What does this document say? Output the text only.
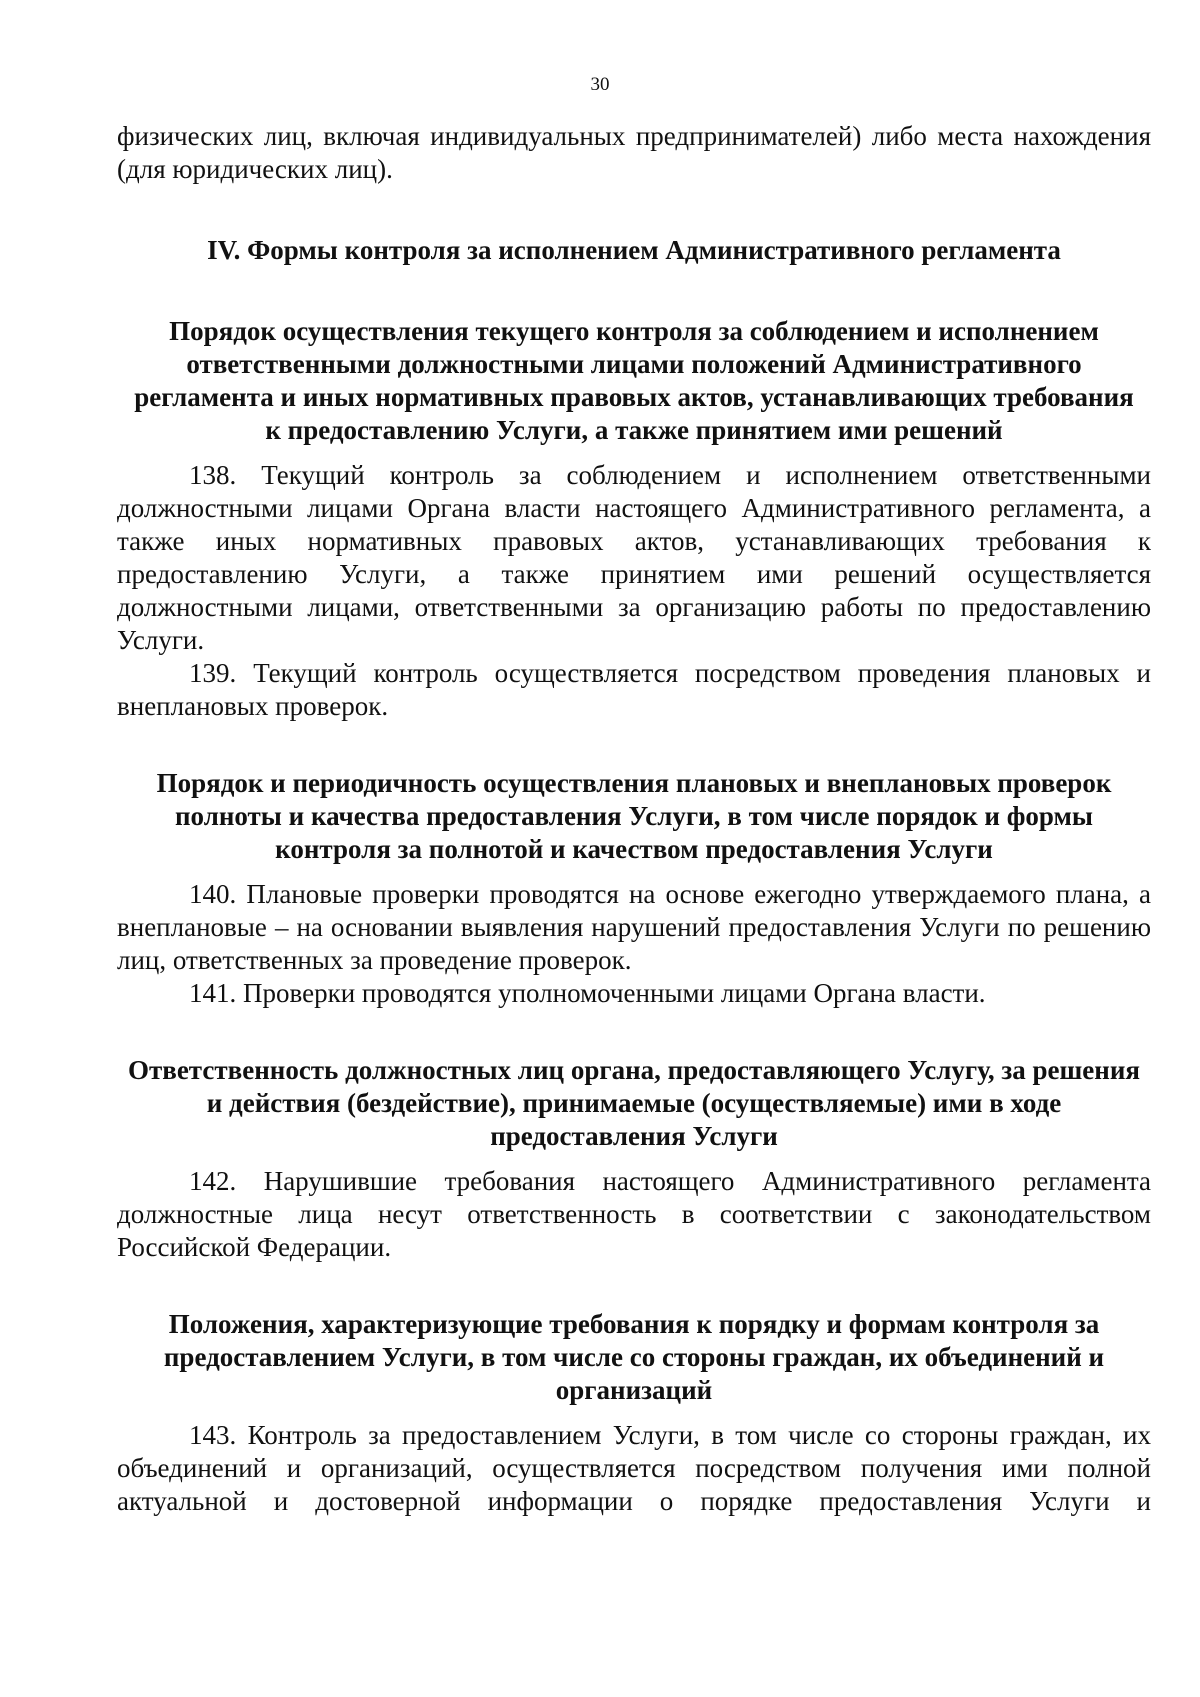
30

физических лиц, включая индивидуальных предпринимателей) либо места нахождения (для юридических лиц).

IV. Формы контроля за исполнением Административного регламента

Порядок осуществления текущего контроля за соблюдением и исполнением ответственными должностными лицами положений Административного регламента и иных нормативных правовых актов, устанавливающих требования к предоставлению Услуги, а также принятием ими решений

138. Текущий контроль за соблюдением и исполнением ответственными должностными лицами Органа власти настоящего Административного регламента, а также иных нормативных правовых актов, устанавливающих требования к предоставлению Услуги, а также принятием ими решений осуществляется должностными лицами, ответственными за организацию работы по предоставлению Услуги.

139. Текущий контроль осуществляется посредством проведения плановых и внеплановых проверок.

Порядок и периодичность осуществления плановых и внеплановых проверок полноты и качества предоставления Услуги, в том числе порядок и формы контроля за полнотой и качеством предоставления Услуги

140. Плановые проверки проводятся на основе ежегодно утверждаемого плана, а внеплановые – на основании выявления нарушений предоставления Услуги по решению лиц, ответственных за проведение проверок.

141. Проверки проводятся уполномоченными лицами Органа власти.

Ответственность должностных лиц органа, предоставляющего Услугу, за решения и действия (бездействие), принимаемые (осуществляемые) ими в ходе предоставления Услуги

142. Нарушившие требования настоящего Административного регламента должностные лица несут ответственность в соответствии с законодательством Российской Федерации.

Положения, характеризующие требования к порядку и формам контроля за предоставлением Услуги, в том числе со стороны граждан, их объединений и организаций

143. Контроль за предоставлением Услуги, в том числе со стороны граждан, их объединений и организаций, осуществляется посредством получения ими полной актуальной и достоверной информации о порядке предоставления Услуги и
